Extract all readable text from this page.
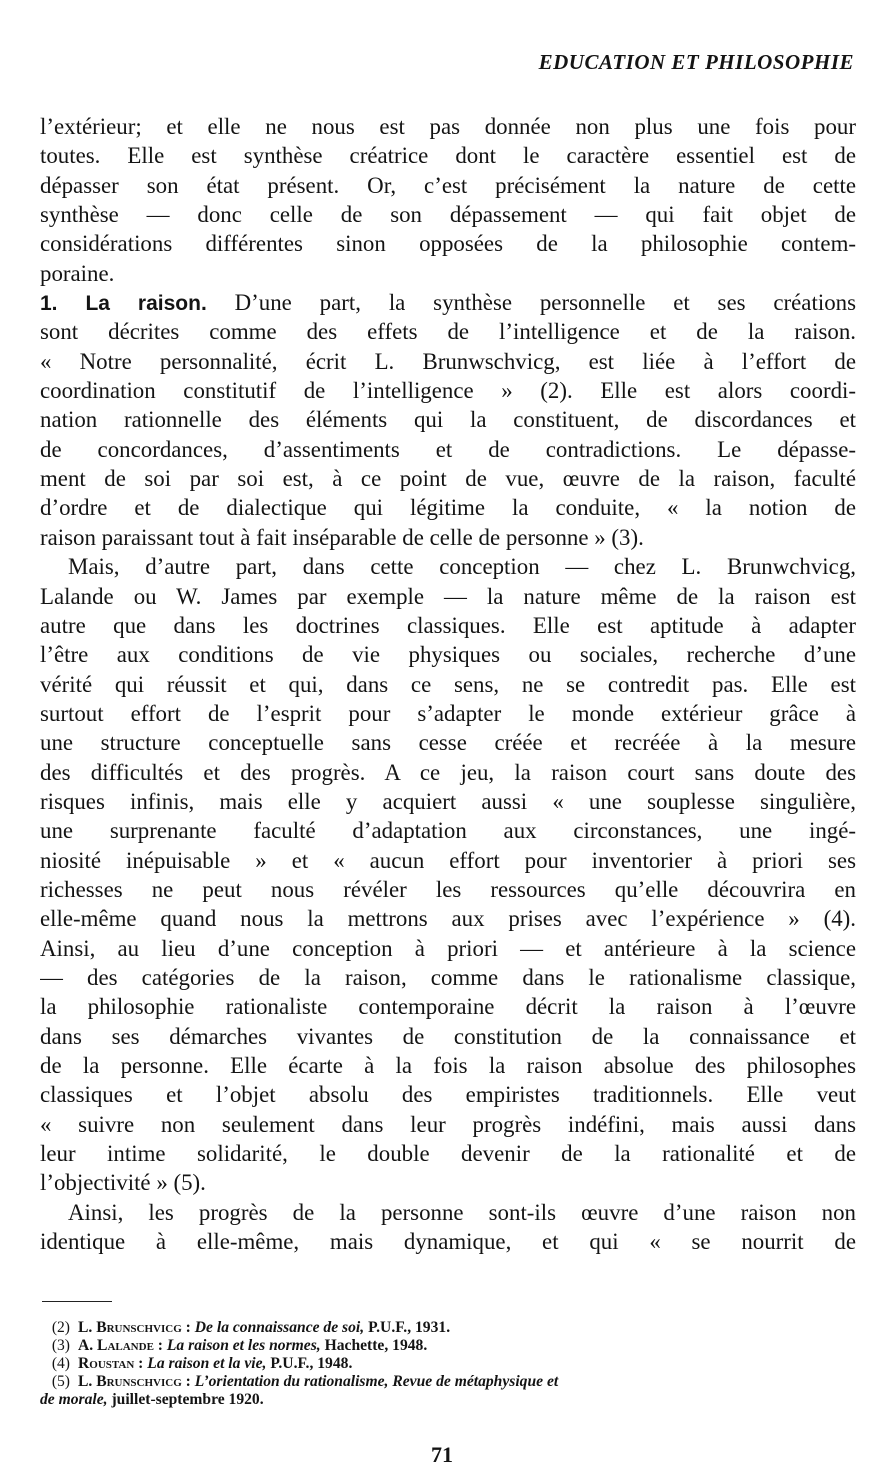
EDUCATION ET PHILOSOPHIE
l’extérieur; et elle ne nous est pas donnée non plus une fois pour
toutes. Elle est synthèse créatrice dont le caractère essentiel est de
dépasser son état présent. Or, c’est précisément la nature de cette
synthèse — donc celle de son dépassement — qui fait objet de
considérations différentes sinon opposées de la philosophie contem-
poraine.
1. La raison. D’une part, la synthèse personnelle et ses créations
sont décrites comme des effets de l’intelligence et de la raison.
« Notre personnalité, écrit L. Brunwschvicg, est liée à l’effort de
coordination constitutif de l’intelligence » (2). Elle est alors coordi-
nation rationnelle des éléments qui la constituent, de discordances et
de concordances, d’assentiments et de contradictions. Le dépasse-
ment de soi par soi est, à ce point de vue, œuvre de la raison, faculté
d’ordre et de dialectique qui légitime la conduite, « la notion de
raison paraissant tout à fait inséparable de celle de personne » (3).
Mais, d’autre part, dans cette conception — chez L. Brunwchvicg,
Lalande ou W. James par exemple — la nature même de la raison est
autre que dans les doctrines classiques. Elle est aptitude à adapter
l’être aux conditions de vie physiques ou sociales, recherche d’une
vérité qui réussit et qui, dans ce sens, ne se contredit pas. Elle est
surtout effort de l’esprit pour s’adapter le monde extérieur grâce à
une structure conceptuelle sans cesse créée et recréée à la mesure
des difficultés et des progrès. A ce jeu, la raison court sans doute des
risques infinis, mais elle y acquiert aussi « une souplesse singulière,
une surprenante faculté d’adaptation aux circonstances, une ingé-
niosité inépuisable » et « aucun effort pour inventorier à priori ses
richesses ne peut nous révéler les ressources qu’elle découvrira en
elle-même quand nous la mettrons aux prises avec l’expérience » (4).
Ainsi, au lieu d’une conception à priori — et antérieure à la science
— des catégories de la raison, comme dans le rationalisme classique,
la philosophie rationaliste contemporaine décrit la raison à l’œuvre
dans ses démarches vivantes de constitution de la connaissance et
de la personne. Elle écarte à la fois la raison absolue des philosophes
classiques et l’objet absolu des empiristes traditionnels. Elle veut
« suivre non seulement dans leur progrès indéfini, mais aussi dans
leur intime solidarité, le double devenir de la rationalité et de
l’objectivité » (5).
Ainsi, les progrès de la personne sont-ils œuvre d’une raison non
identique à elle-même, mais dynamique, et qui « se nourrit de
(2) L. Brunschvicg : De la connaissance de soi, P.U.F., 1931.
(3) A. Lalande : La raison et les normes, Hachette, 1948.
(4) Roustan : La raison et la vie, P.U.F., 1948.
(5) L. Brunschvicg : L’orientation du rationalisme, Revue de métaphysique et
de morale, juillet-septembre 1920.
71
